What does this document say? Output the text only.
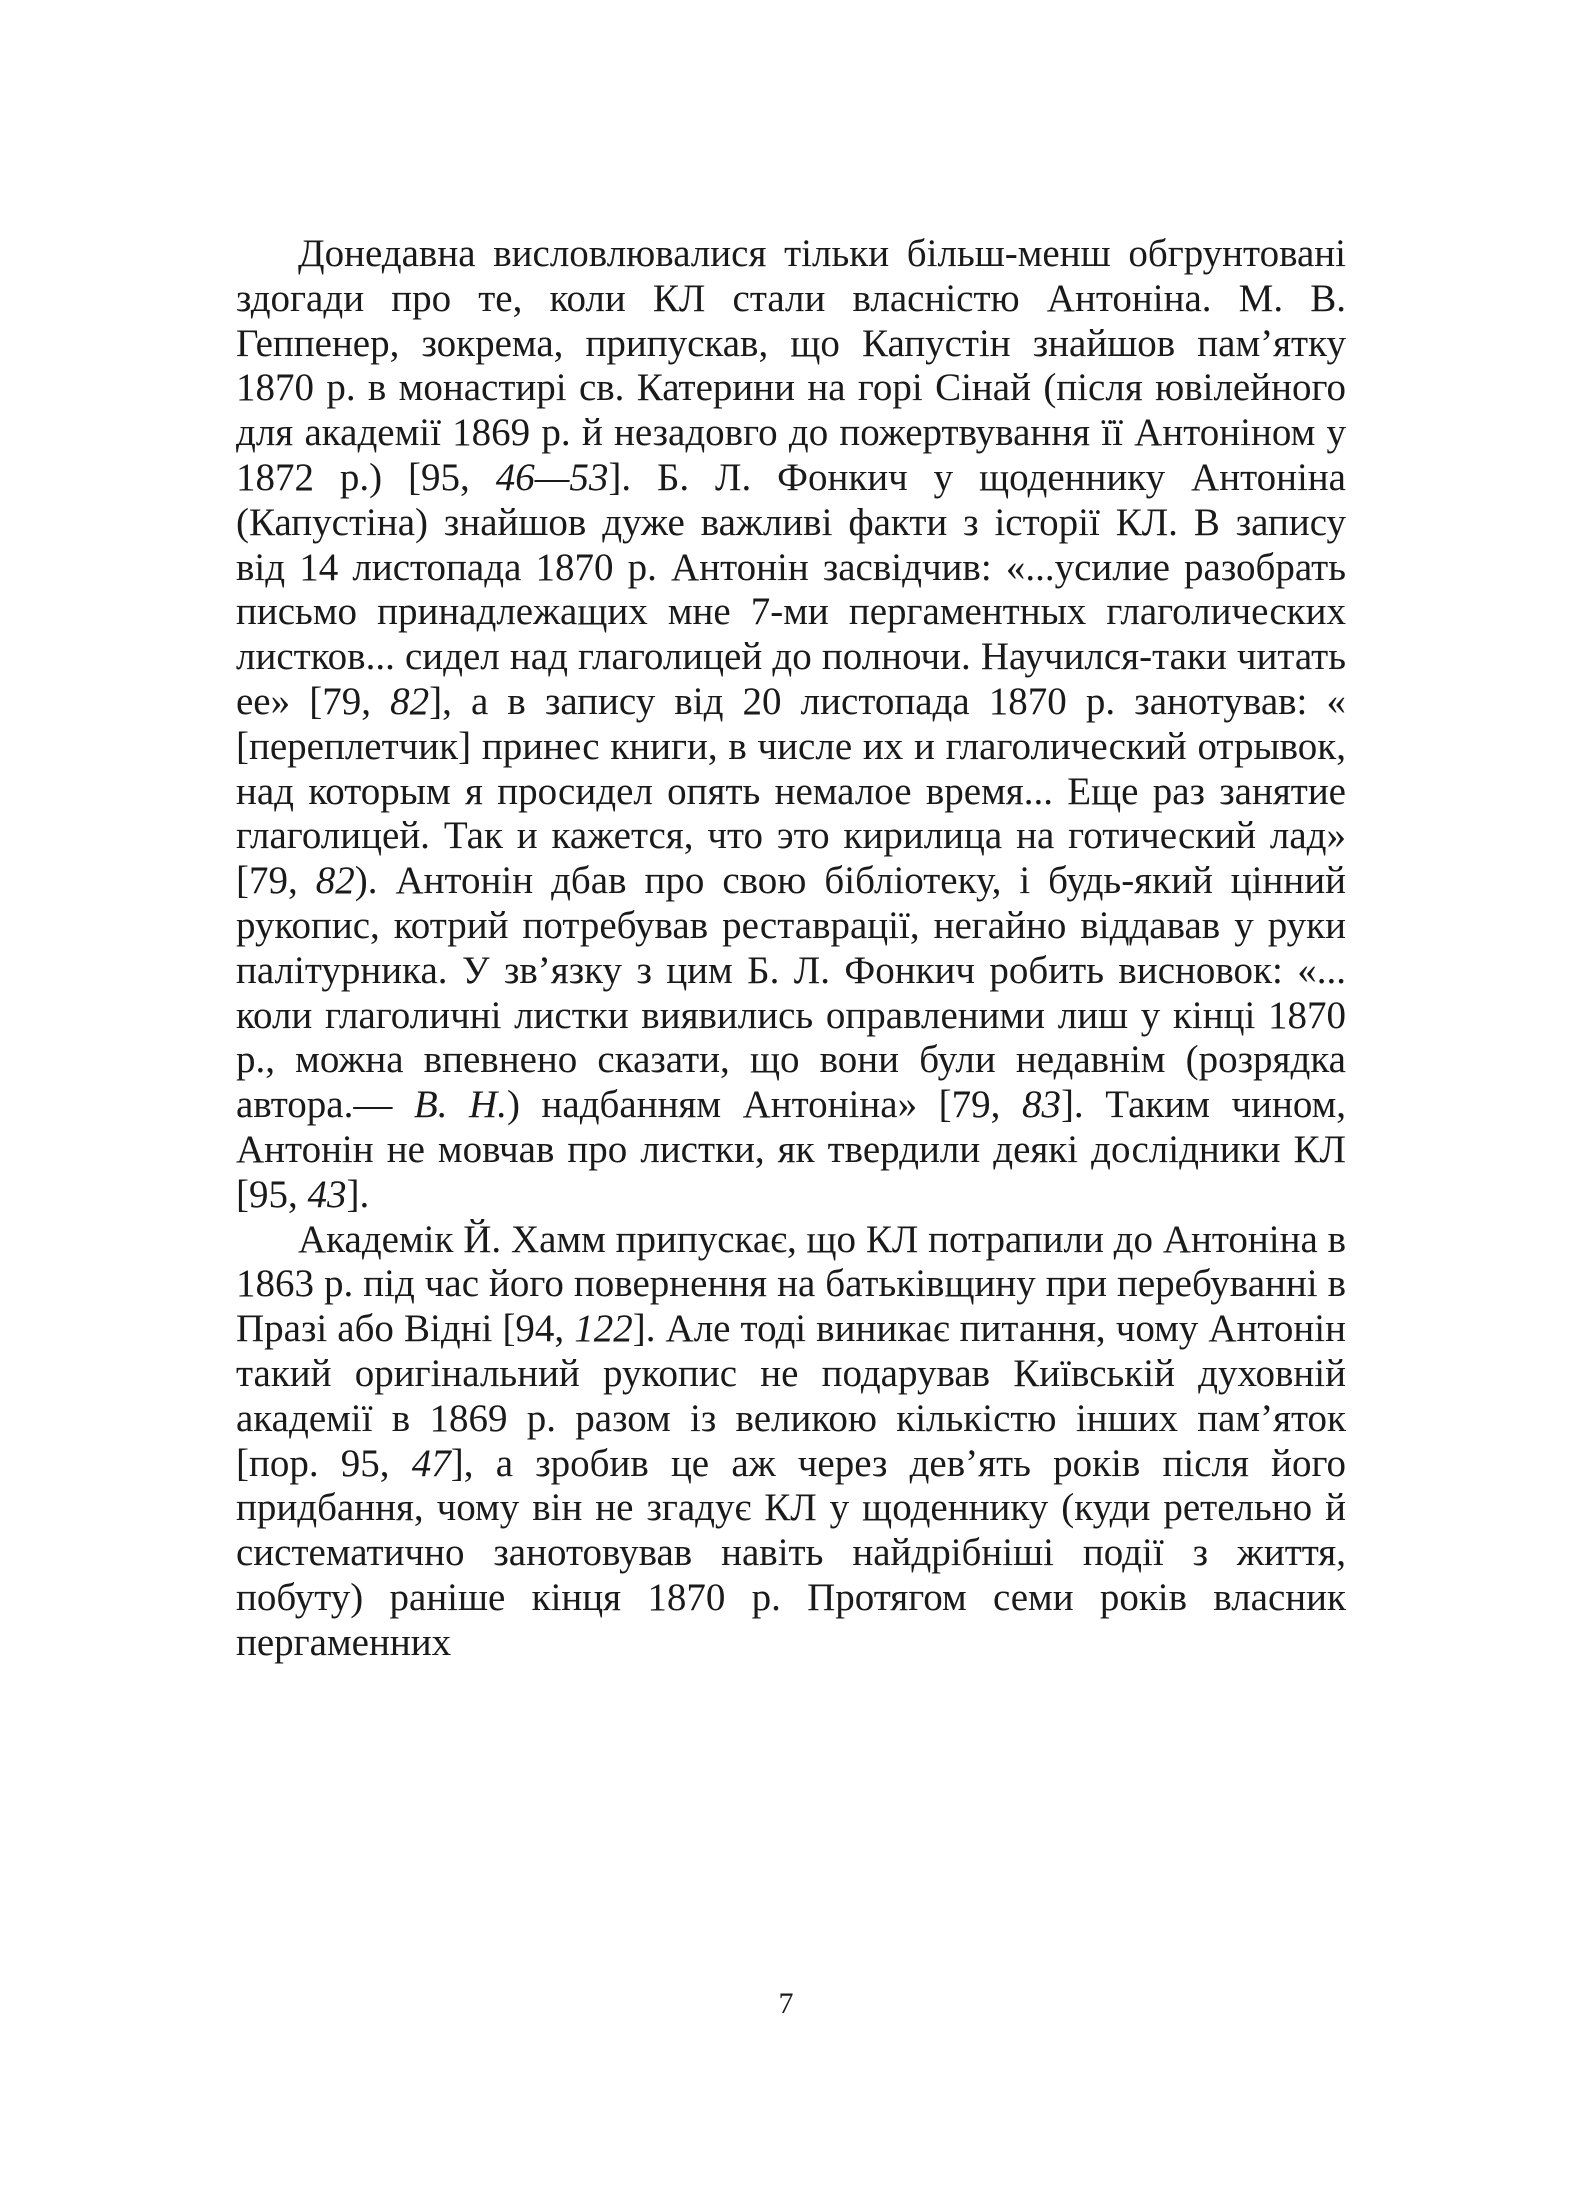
Донедавна висловлювалися тільки більш-менш обгрунтовані здогади про те, коли КЛ стали власністю Антоніна. М. В. Геппенер, зокрема, припускав, що Капустін знайшов пам’ятку 1870 р. в монастирі св. Катерини на горі Сінай (після ювілейного для академії 1869 р. й незадовго до пожертвування її Антоніном у 1872 р.) [95, 46—53]. Б. Л. Фонкич у щоденнику Антоніна (Капустіна) знайшов дуже важливі факти з історії КЛ. В запису від 14 листопада 1870 р. Антонін засвідчив: «...усилие разобрать письмо принадлежащих мне 7-ми пергаментных глаголических листков... сидел над глаголицей до полночи. Научился-таки читать ее» [79, 82], а в запису від 20 листопада 1870 р. занотував: « [переплетчик] принес книги, в числе их и глаголический отрывок, над которым я просидел опять немалое время... Еще раз занятие глаголицей. Так и кажется, что это кирилица на готический лад» [79, 82). Антонін дбав про свою бібліотеку, і будь-який цінний рукопис, котрий потребував реставрації, негайно віддавав у руки палітурника. У зв’язку з цим Б. Л. Фонкич робить висновок: «... коли глаголичні листки виявились оправленими лиш у кінці 1870 р., можна впевнено сказати, що вони були недавнім (розрядка автора.— В. Н.) надбанням Антоніна» [79, 83]. Таким чином, Антонін не мовчав про листки, як твердили деякі дослідники КЛ [95, 43].

Академік Й. Хамм припускає, що КЛ потрапили до Антоніна в 1863 р. під час його повернення на батьківщину при перебуванні в Празі або Відні [94, 122]. Але тоді виникає питання, чому Антонін такий оригінальний рукопис не подарував Київській духовній академії в 1869 р. разом із великою кількістю інших пам’яток [пор. 95, 47], а зробив це аж через дев’ять років після його придбання, чому він не згадує КЛ у щоденнику (куди ретельно й систематично занотовував навіть найдрібніші події з життя, побуту) раніше кінця 1870 р. Протягом семи років власник пергаменних

7
